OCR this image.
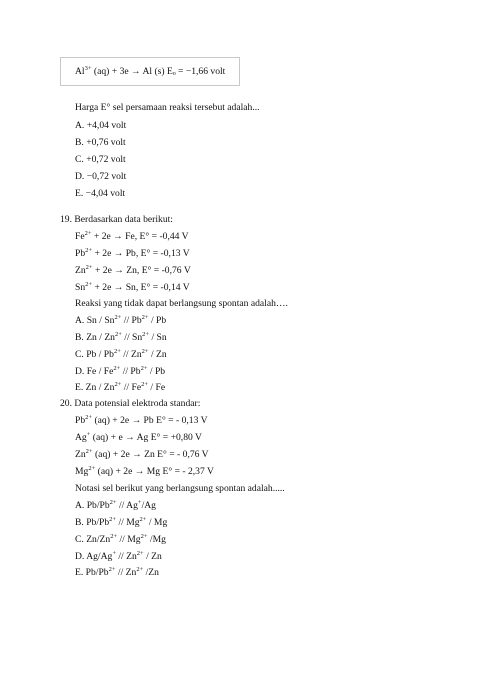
$Al^{3+}$ (aq) + 3e → Al (s) Eₒ = −1,66 volt
Harga E° sel persamaan reaksi tersebut adalah...
A. +4,04 volt
B. +0,76 volt
C. +0,72 volt
D. −0,72 volt
E. −4,04 volt
19. Berdasarkan data berikut:
$Fe^{2+} + 2e \to Fe$, E° = -0,44 V
$Pb^{2+} + 2e \to Pb$, E° = -0,13 V
$Zn^{2+} + 2e \to Zn$, E° = -0,76 V
$Sn^{2+} + 2e \to Sn$, E° = -0,14 V
Reaksi yang tidak dapat berlangsung spontan adalah….
A. Sn / $Sn^{2+} // Pb^{2+}$ / Pb
B. Zn / $Zn^{2+} // Sn^{2+}$ / Sn
C. Pb / $Pb^{2+} // Zn^{2+}$ / Zn
D. Fe / $Fe^{2+} // Pb^{2+}$ / Pb
E. Zn / $Zn^{2+} // Fe^{2+}$ / Fe
20. Data potensial elektroda standar:
$Pb^{2+}$ (aq) + 2e → Pb E° = - 0,13 V
Ag+ (aq) + e → Ag E° = +0,80 V
$Zn^{2+}$ (aq) + 2e → Zn E° = - 0,76 V
$Mg^{2+}$ (aq) + 2e → Mg E° = - 2,37 V
Notasi sel berikut yang berlangsung spontan adalah.....
A. $Pb/Pb^{2+} // Ag^+/Ag$
B. $Pb/Pb^{2+} // Mg^{2+}$ / Mg
C. $Zn/Zn^{2+} // Mg^{2+}$ /Mg
D. $Ag/Ag^+ // Zn^{2+}$ / Zn
E. $Pb/Pb^{2+} // Zn^{2+}$ /Zn
